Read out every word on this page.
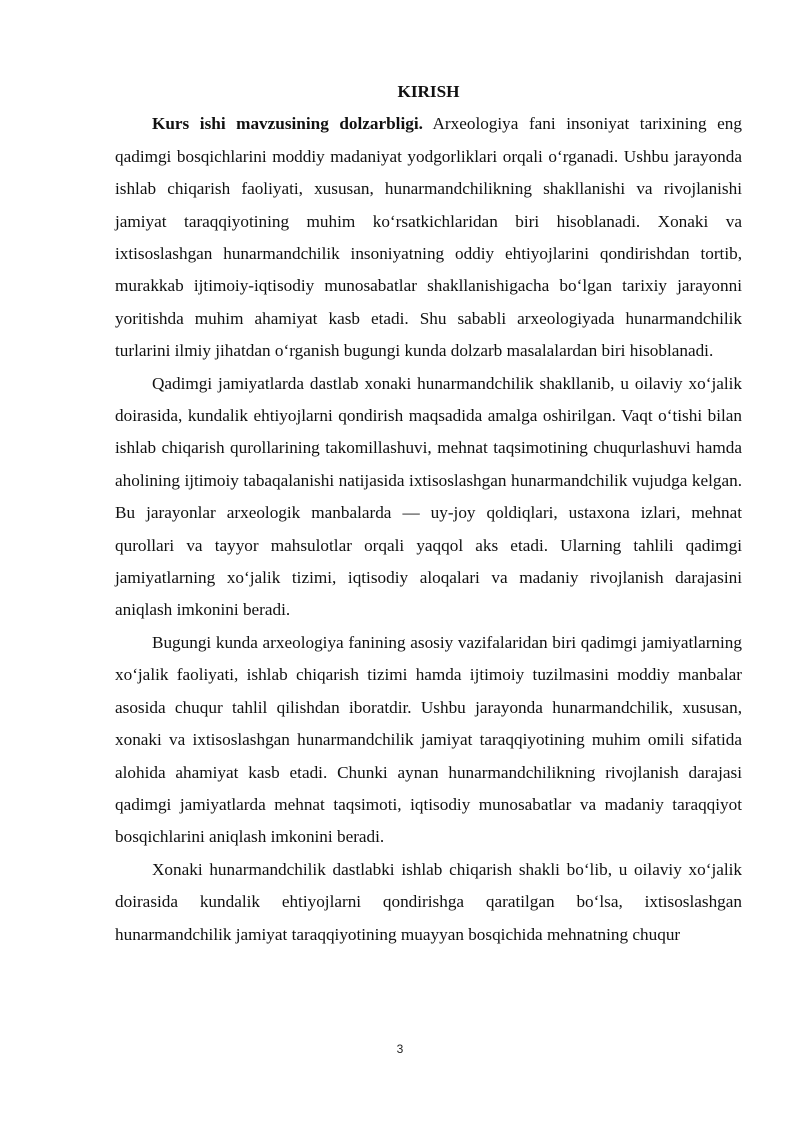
KIRISH

Kurs ishi mavzusining dolzarbligi. Arxeologiya fani insoniyat tarixining eng qadimgi bosqichlarini moddiy madaniyat yodgorliklari orqali oʻrganadi. Ushbu jarayonda ishlab chiqarish faoliyati, xususan, hunarmandchilikning shakllanishi va rivojlanishi jamiyat taraqqiyotining muhim koʻrsatkichlaridan biri hisoblanadi. Xonaki va ixtisoslashgan hunarmandchilik insoniyatning oddiy ehtiyojlarini qondirishdan tortib, murakkab ijtimoiy-iqtisodiy munosabatlar shakllanishigacha boʻlgan tarixiy jarayonni yoritishda muhim ahamiyat kasb etadi. Shu sababli arxeologiyada hunarmandchilik turlarini ilmiy jihatdan oʻrganish bugungi kunda dolzarb masalalardan biri hisoblanadi.

Qadimgi jamiyatlarda dastlab xonaki hunarmandchilik shakllanib, u oilaviy xoʻjalik doirasida, kundalik ehtiyojlarni qondirish maqsadida amalga oshirilgan. Vaqt oʻtishi bilan ishlab chiqarish qurollarining takomillashuvi, mehnat taqsimotining chuqurlashuvi hamda aholining ijtimoiy tabaqalanishi natijasida ixtisoslashgan hunarmandchilik vujudga kelgan. Bu jarayonlar arxeologik manbalarda — uy-joy qoldiqlari, ustaxona izlari, mehnat qurollari va tayyor mahsulotlar orqali yaqqol aks etadi. Ularning tahlili qadimgi jamiyatlarning xoʻjalik tizimi, iqtisodiy aloqalari va madaniy rivojlanish darajasini aniqlash imkonini beradi.

Bugungi kunda arxeologiya fanining asosiy vazifalaridan biri qadimgi jamiyatlarning xoʻjalik faoliyati, ishlab chiqarish tizimi hamda ijtimoiy tuzilmasini moddiy manbalar asosida chuqur tahlil qilishdan iboratdir. Ushbu jarayonda hunarmandchilik, xususan, xonaki va ixtisoslashgan hunarmandchilik jamiyat taraqqiyotining muhim omili sifatida alohida ahamiyat kasb etadi. Chunki aynan hunarmandchilikning rivojlanish darajasi qadimgi jamiyatlarda mehnat taqsimoti, iqtisodiy munosabatlar va madaniy taraqqiyot bosqichlarini aniqlash imkonini beradi.

Xonaki hunarmandchilik dastlabki ishlab chiqarish shakli boʻlib, u oilaviy xoʻjalik doirasida kundalik ehtiyojlarni qondirishga qaratilgan boʻlsa, ixtisoslashgan hunarmandchilik jamiyat taraqqiyotining muayyan bosqichida mehnatning chuqur

3
